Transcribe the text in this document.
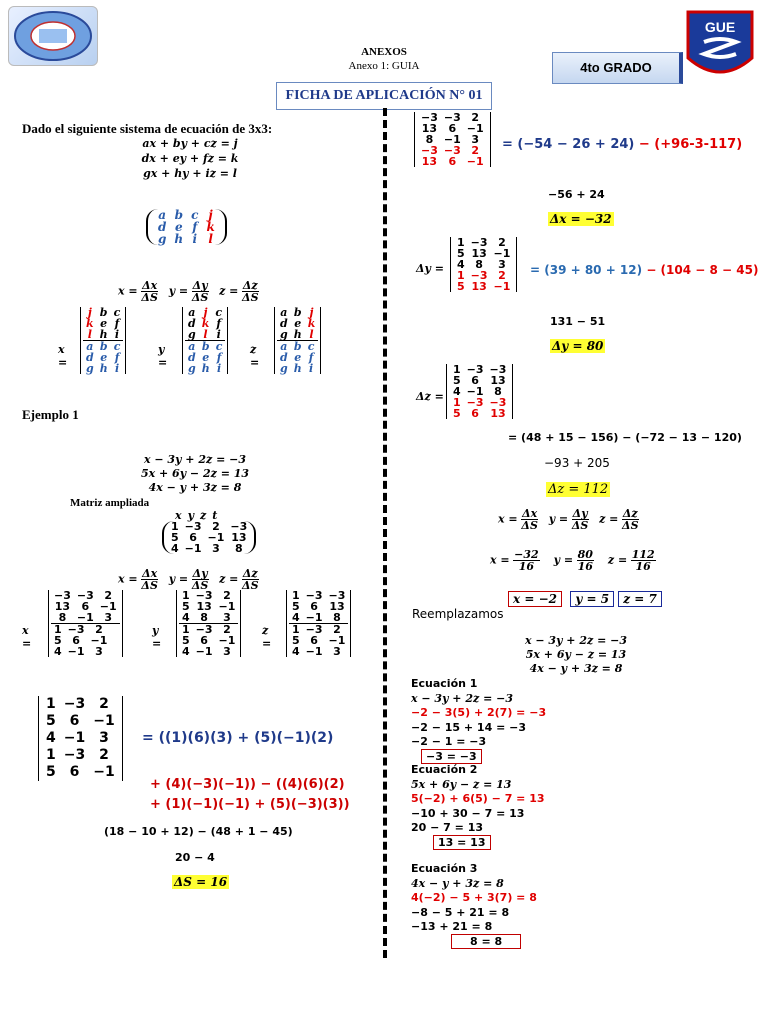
ANEXOS
Anexo 1: GUIA
GUE
4to GRADO
FICHA DE APLICACIÓN N° 01
Dado el siguiente sistema de ecuación de 3x3:
ax + by + cz = j
dx + ey + fz = k
gx + hy + iz = l
a	b	c	j
d	e	f	k
g	h	i	l
$x = \frac{\Delta x}{\Delta S}$ $y = \frac{\Delta y}{\Delta S}$ $z = \frac{\Delta z}{\Delta S}$
x =
j	b	c
k	e	f
l	h	i
a	b	c
d	e	f
g	h	i
y =
a	j	c
d	k	f
g	l	i
a	b	c
d	e	f
g	h	i
z =
a	b	j
d	e	k
g	h	l
a	b	c
d	e	f
g	h	i
Ejemplo 1
x − 3y + 2z = −3
5x + 6y − 2z = 13
4x − y + 3z = 8
Matriz ampliada
x	y	z	t
1	−3	2	−3
5	6	−1	13
4	−1	3	8
$x = \frac{\Delta x}{\Delta S}$ $y = \frac{\Delta y}{\Delta S}$ $z = \frac{\Delta z}{\Delta S}$
x =
−3	−3	2
13	6	−1
8	−1	3
1	−3	2
5	6	−1
4	−1	3
y =
1	−3	2
5	13	−1
4	8	3
1	−3	2
5	6	−1
4	−1	3
z =
1	−3	−3
5	6	13
4	−1	8
1	−3	2
5	6	−1
4	−1	3
1	−3	2
5	6	−1
4	−1	3
1	−3	2
5	6	−1
= ((1)(6)(3) + (5)(−1)(2)
+ (4)(−3)(−1)) − ((4)(6)(2)
+ (1)(−1)(−1) + (5)(−3)(3))
(18 − 10 + 12) − (48 + 1 − 45)
20 − 4
ΔS = 16
−3	−3	2
13	6	−1
8	−1	3
−3	−3	2
13	6	−1
= (−54 − 26 + 24) − (+96-3-117)
−56 + 24
Δx = −32
Δy =
1	−3	2
5	13	−1
4	8	3
1	−3	2
5	13	−1
= (39 + 80 + 12) − (104 − 8 − 45)
131 − 51
Δy = 80
Δz =
1	−3	−3
5	6	13
4	−1	8
1	−3	−3
5	6	13
= (48 + 15 − 156) − (−72 − 13 − 120)
−93 + 205
Δz = 112
$x = \frac{\Delta x}{\Delta S}$ $y = \frac{\Delta y}{\Delta S}$ $z = \frac{\Delta z}{\Delta S}$
$x = \frac{-32}{16}$ $y = \frac{80}{16}$ $z = \frac{112}{16}$
x = −2 y = 5 z = 7
Reemplazamos
x − 3y + 2z = −3
5x + 6y − z = 13
4x − y + 3z = 8
Ecuación 1
x − 3y + 2z = −3
−2 − 3(5) + 2(7) = −3
−2 − 15 + 14 = −3
−2 − 1 = −3
−3 = −3
Ecuación 2
5x + 6y − z = 13
5(−2) + 6(5) − 7 = 13
−10 + 30 − 7 = 13
20 − 7 = 13
13 = 13
Ecuación 3
4x − y + 3z = 8
4(−2) − 5 + 3(7) = 8
−8 − 5 + 21 = 8
−13 + 21 = 8
8 = 8
